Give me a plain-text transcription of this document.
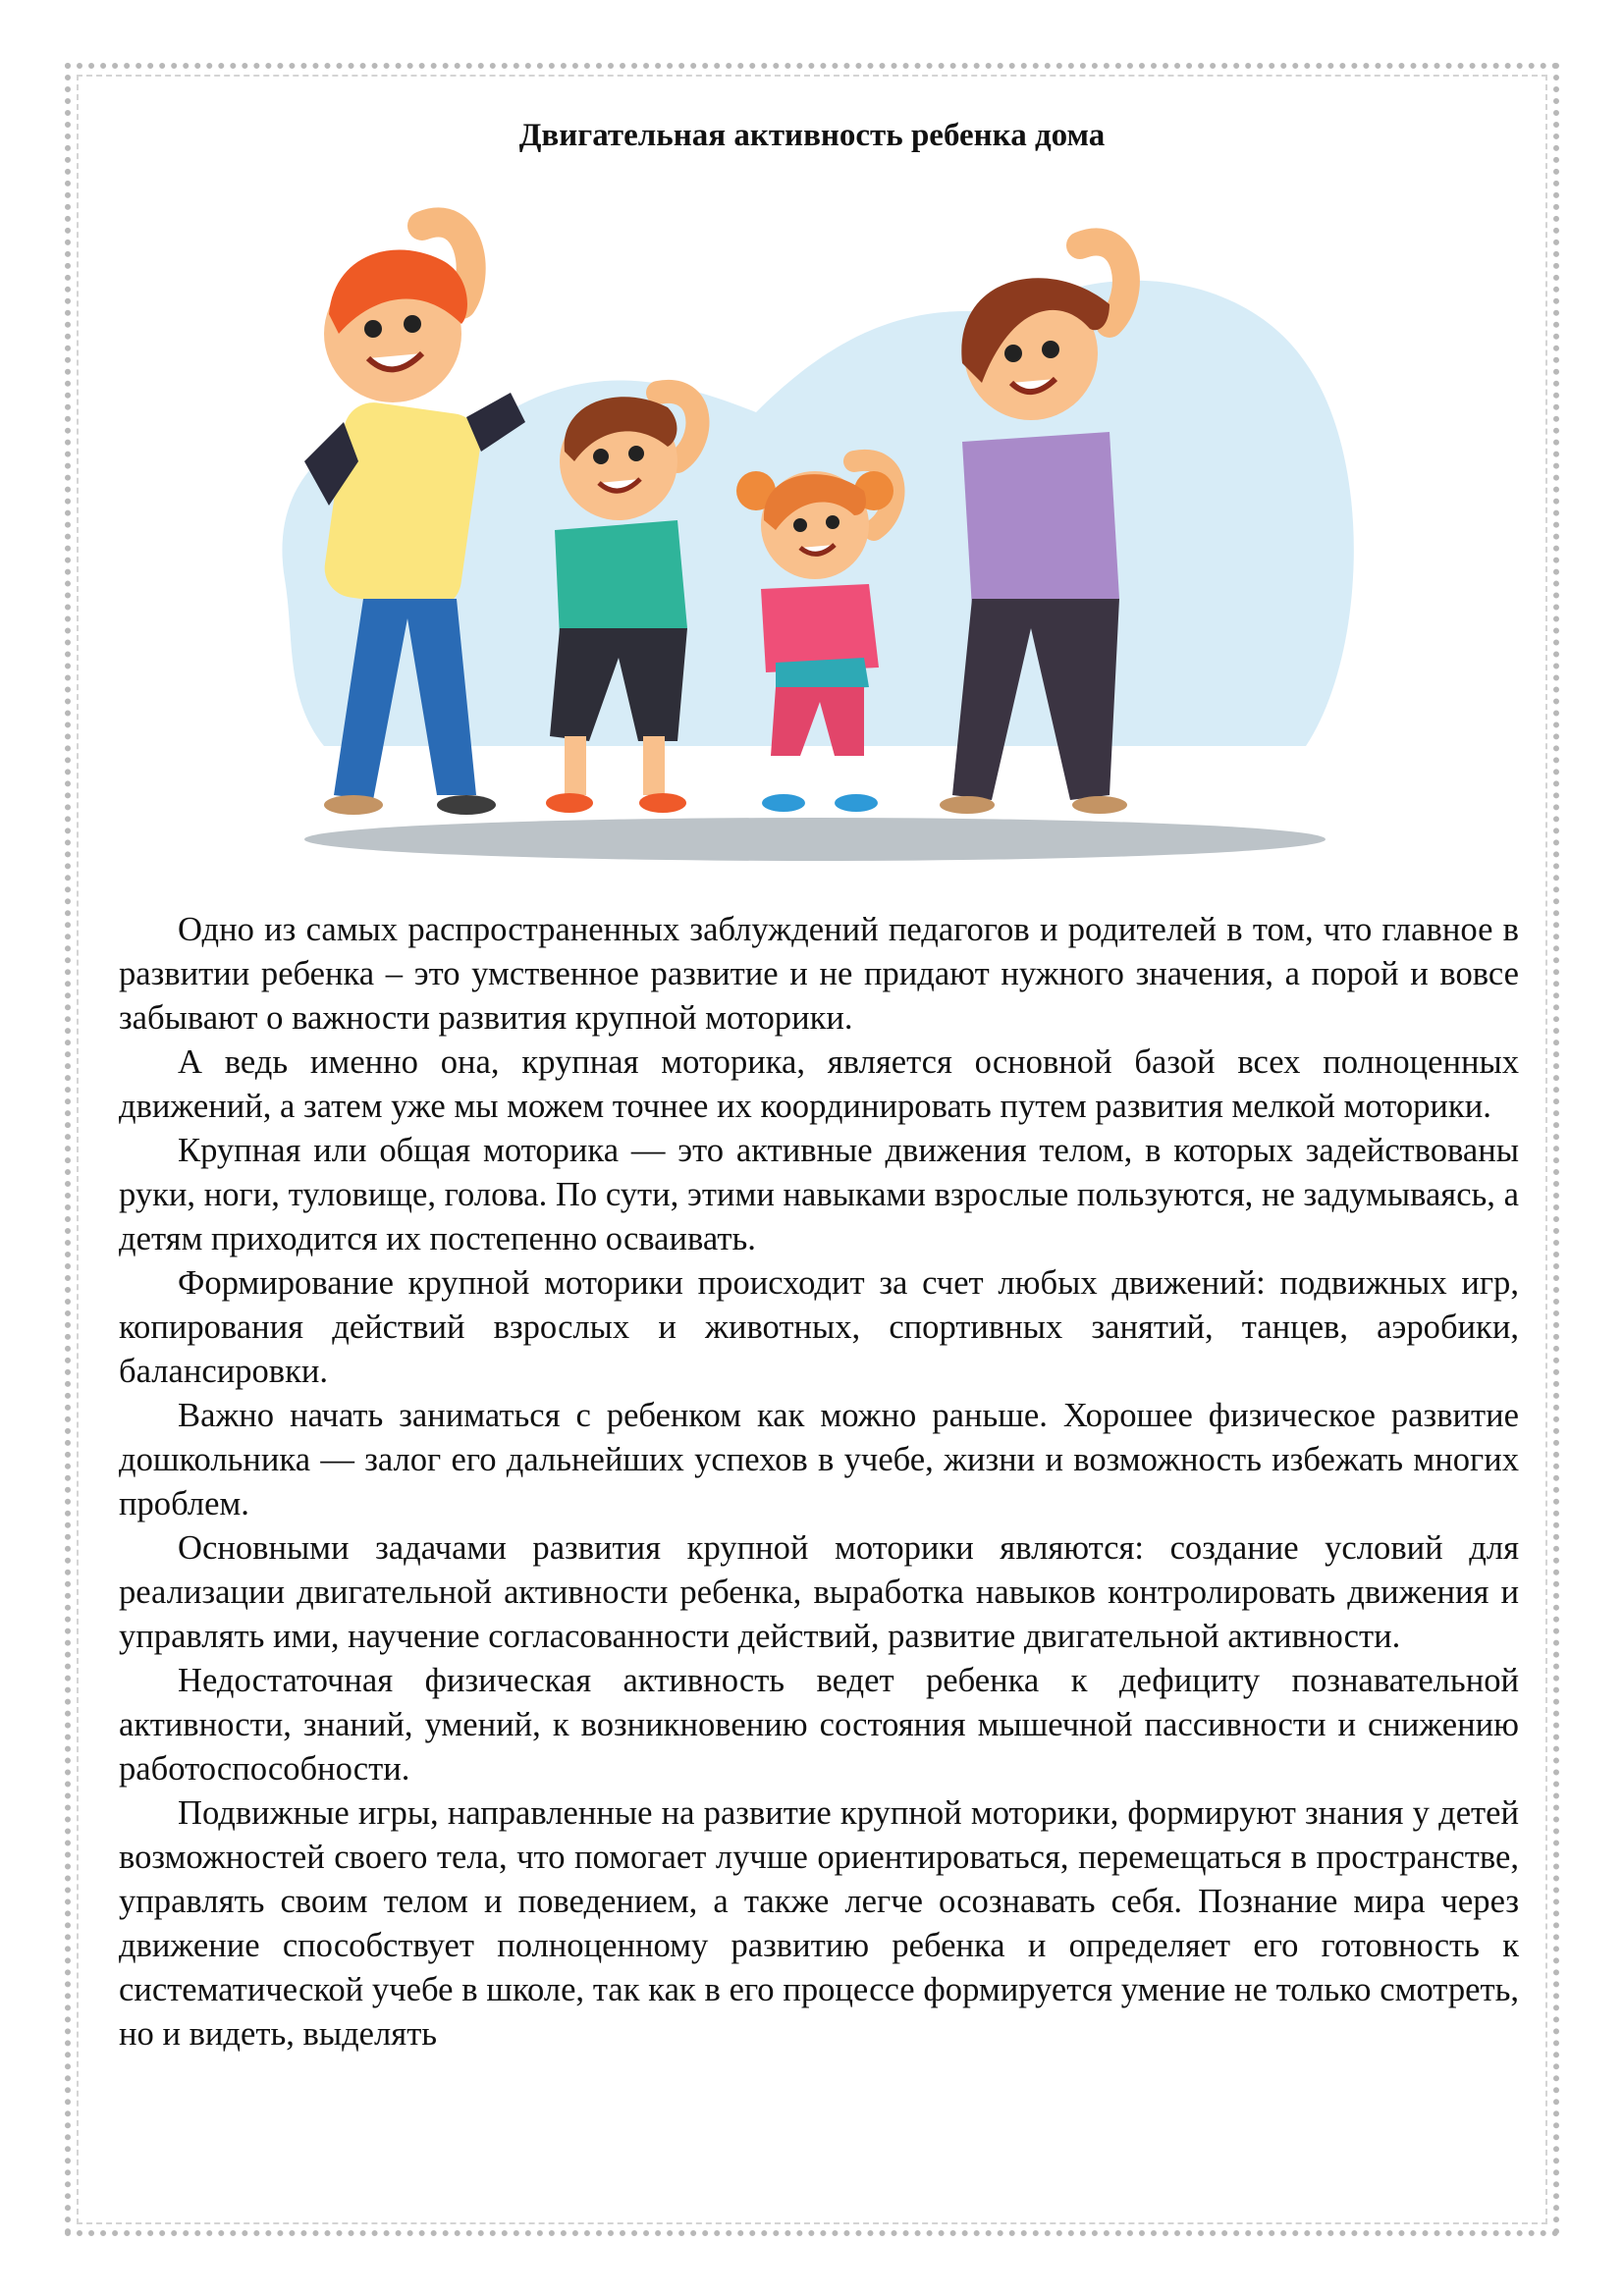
Двигательная активность ребенка дома

Одно из самых распространенных заблуждений педагогов и родителей в том, что главное в развитии ребенка – это умственное развитие и не придают нужного значения, а порой и вовсе забывают о важности развития крупной моторики.

А ведь именно она, крупная моторика, является основной базой всех полноценных движений, а затем уже мы можем точнее их координировать путем развития мелкой моторики.

Крупная или общая моторика — это активные движения телом, в которых задействованы руки, ноги, туловище, голова. По сути, этими навыками взрослые пользуются, не задумываясь, а детям приходится их постепенно осваивать.

Формирование крупной моторики происходит за счет любых движений: подвижных игр, копирования действий взрослых и животных, спортивных занятий, танцев, аэробики, балансировки.

Важно начать заниматься с ребенком как можно раньше. Хорошее физическое развитие дошкольника — залог его дальнейших успехов в учебе, жизни и возможность избежать многих проблем.

Основными задачами развития крупной моторики являются: создание условий для реализации двигательной активности ребенка, выработка навыков контролировать движения и управлять ими, научение согласованности действий, развитие двигательной активности.

Недостаточная физическая активность ведет ребенка к дефициту познавательной активности, знаний, умений, к возникновению состояния мышечной пассивности и снижению работоспособности.

Подвижные игры, направленные на развитие крупной моторики, формируют знания у детей возможностей своего тела, что помогает лучше ориентироваться, перемещаться в пространстве, управлять своим телом и поведением, а также легче осознавать себя. Познание мира через движение способствует полноценному развитию ребенка и определяет его готовность к систематической учебе в школе, так как в его процессе формируется умение не только смотреть, но и видеть, выделять
